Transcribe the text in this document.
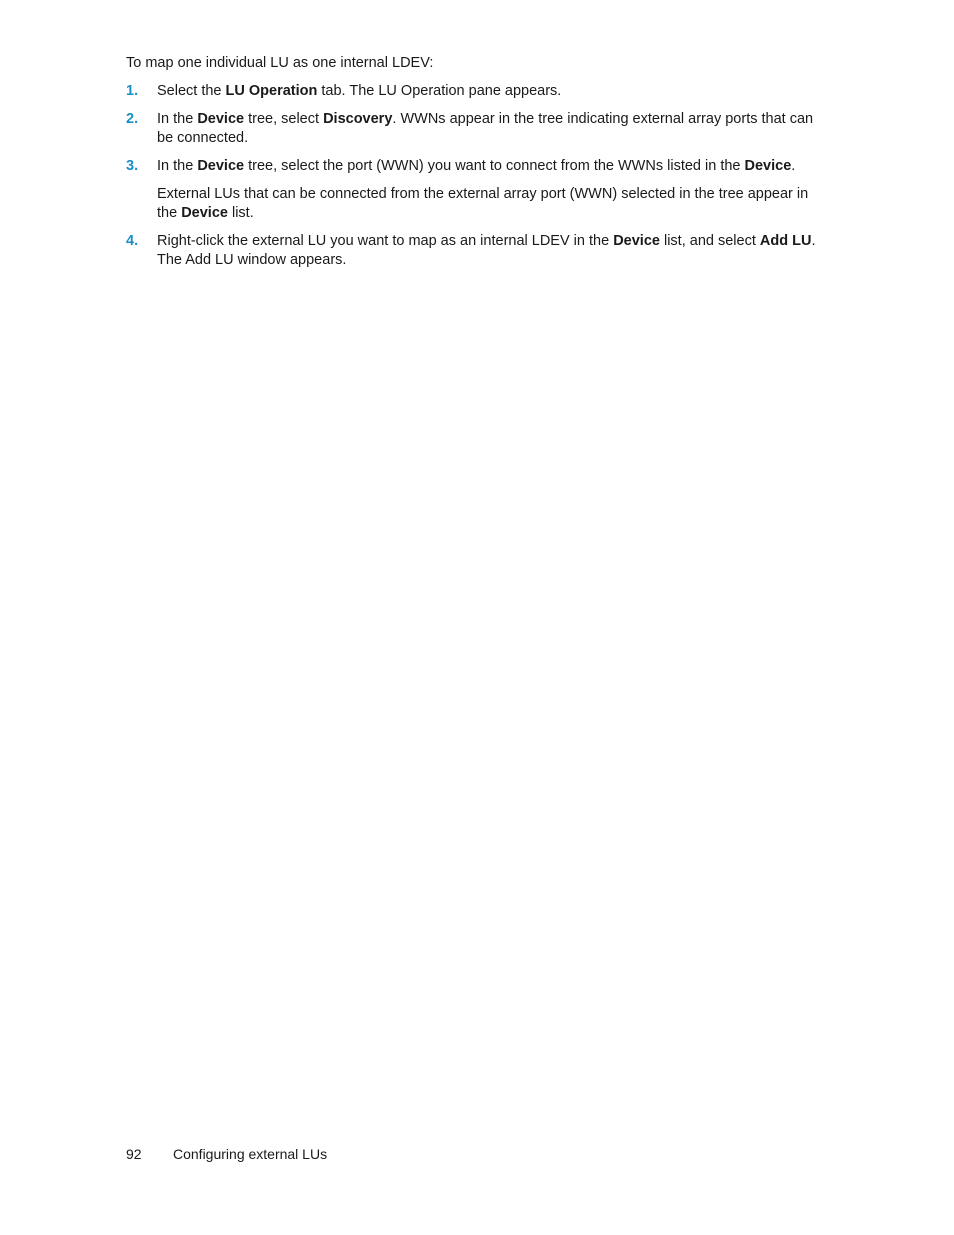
To map one individual LU as one internal LDEV:

1. Select the LU Operation tab. The LU Operation pane appears.

2. In the Device tree, select Discovery. WWNs appear in the tree indicating external array ports that can be connected.

3. In the Device tree, select the port (WWN) you want to connect from the WWNs listed in the Device.

External LUs that can be connected from the external array port (WWN) selected in the tree appear in the Device list.

4. Right-click the external LU you want to map as an internal LDEV in the Device list, and select Add LU. The Add LU window appears.

92 Configuring external LUs
